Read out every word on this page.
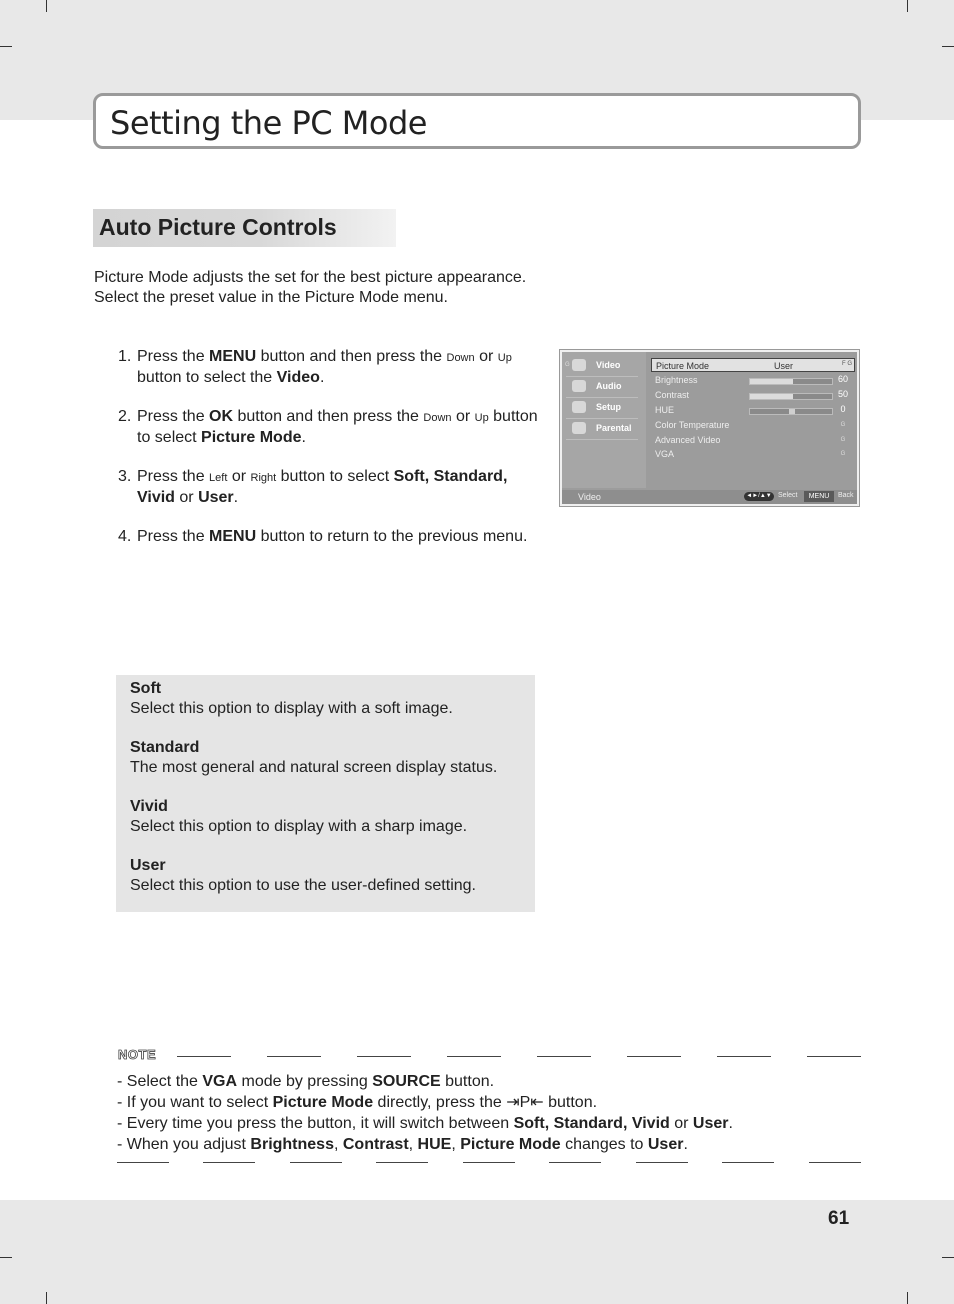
Setting the PC Mode
Auto Picture Controls
Picture Mode adjusts the set for the best picture appearance.
Select the preset value in the Picture Mode menu.
1. Press the MENU button and then press the Down or Up button to select the Video.
2. Press the OK button and then press the Down or Up button to select Picture Mode.
3. Press the Left or Right button to select Soft, Standard, Vivid or User.
4. Press the MENU button to return to the previous menu.
G	Video
Audio
Setup
Parental
Picture Mode	User	F G
Brightness	60
Contrast	50
HUE	0
Color Temperature	G
Advanced Video	G
VGA	G
Video	◄►/▲▼ Select	MENU	Back
Soft
Select this option to display with a soft image.
Standard
The most general and natural screen display status.
Vivid
Select this option to display with a sharp image.
User
Select this option to use the user-defined setting.
NOTE
- Select the VGA mode by pressing SOURCE button.
- If you want to select Picture Mode directly, press the ⇥P⇤ button.
- Every time you press the button, it will switch between Soft, Standard, Vivid or User.
- When you adjust Brightness, Contrast, HUE, Picture Mode changes to User.
61
